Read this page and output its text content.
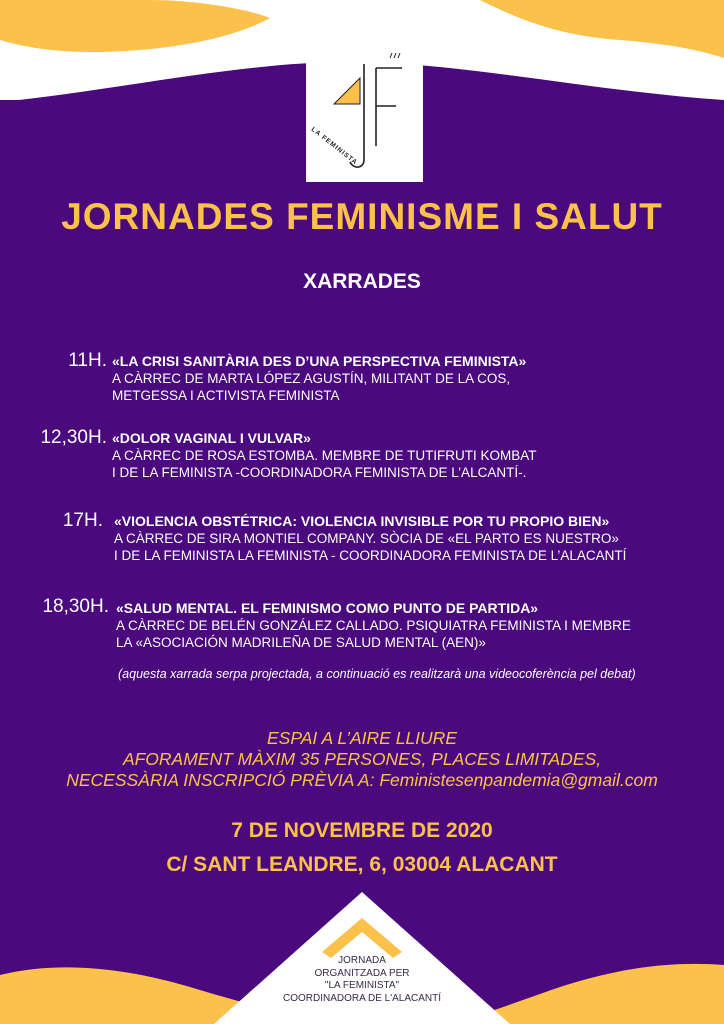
LA FEMINISTA
JORNADES FEMINISME I SALUT
XARRADES
11H. «LA CRISI SANITÀRIA DES D’UNA PERSPECTIVA FEMINISTA»
A CÀRREC DE MARTA LÓPEZ AGUSTÍN, MILITANT DE LA COS,
METGESSA I ACTIVISTA FEMINISTA
12,30H. «DOLOR VAGINAL I VULVAR»
A CÀRREC DE ROSA ESTOMBA. MEMBRE DE TUTIFRUTI KOMBAT
I DE LA FEMINISTA -COORDINADORA FEMINISTA DE L’ALCANTÍ-.
17H. «VIOLENCIA OBSTÉTRICA: VIOLENCIA INVISIBLE POR TU PROPIO BIEN»
A CÀRREC DE SIRA MONTIEL COMPANY. SÒCIA DE «EL PARTO ES NUESTRO»
I DE LA FEMINISTA LA FEMINISTA - COORDINADORA FEMINISTA DE L’ALACANTÍ
18,30H. «SALUD MENTAL. EL FEMINISMO COMO PUNTO DE PARTIDA»
A CÀRREC DE BELÉN GONZÁLEZ CALLADO. PSIQUIATRA FEMINISTA I MEMBRE
LA «ASOCIACIÓN MADRILEÑA DE SALUD MENTAL (AEN)»
(aquesta xarrada serpa projectada, a continuació es realitzarà una videocoferència pel debat)
ESPAI A L’AIRE LLIURE
AFORAMENT MÀXIM 35 PERSONES, PLACES LIMITADES,
NECESSÀRIA INSCRIPCIÓ PRÈVIA A: Feministesenpandemia@gmail.com
7 DE NOVEMBRE DE 2020
C/ SANT LEANDRE, 6, 03004 ALACANT
JORNADA
ORGANITZADA PER
"LA FEMINISTA"
COORDINADORA DE L'ALACANTÍ
